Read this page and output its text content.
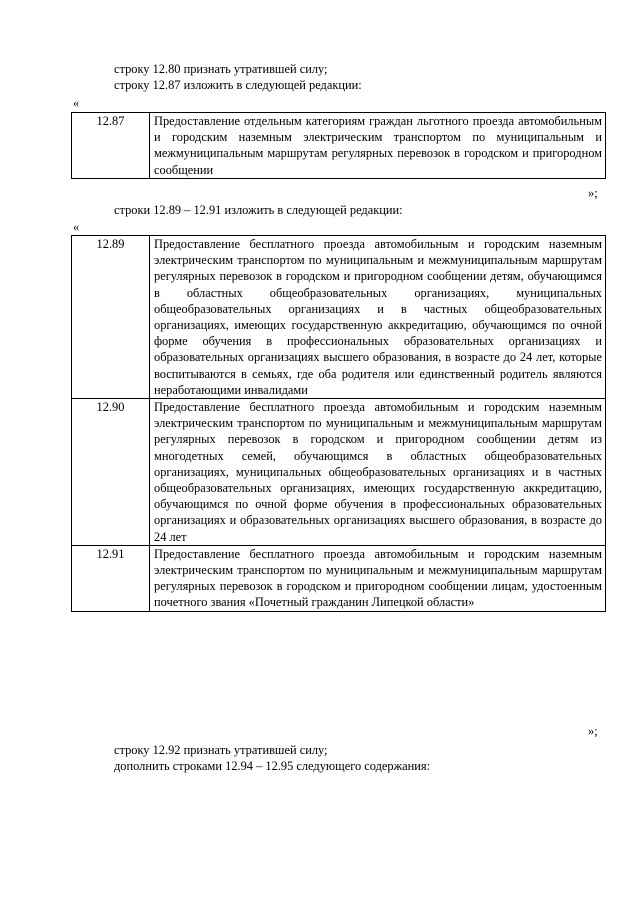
строку 12.80 признать утратившей силу;
строку 12.87 изложить в следующей редакции:
«
12.87	Предоставление отдельным категориям граждан льготного проезда автомобильным и городским наземным электрическим транспортом по муниципальным и межмуниципальным маршрутам регулярных перевозок в городском и пригородном сообщении
»;
строки 12.89 – 12.91 изложить в следующей редакции:
«
12.89	Предоставление бесплатного проезда автомобильным и городским наземным электрическим транспортом по муниципальным и межмуниципальным маршрутам регулярных перевозок в городском и пригородном сообщении детям, обучающимся в областных общеобразовательных организациях, муниципальных общеобразовательных организациях и в частных общеобразовательных организациях, имеющих государственную аккредитацию, обучающимся по очной форме обучения в профессиональных образовательных организациях и образовательных организациях высшего образования, в возрасте до 24 лет, которые воспитываются в семьях, где оба родителя или единственный родитель являются неработающими инвалидами
12.90	Предоставление бесплатного проезда автомобильным и городским наземным электрическим транспортом по муниципальным и межмуниципальным маршрутам регулярных перевозок в городском и пригородном сообщении детям из многодетных семей, обучающимся в областных общеобразовательных организациях, муниципальных общеобразовательных организациях и в частных общеобразовательных организациях, имеющих государственную аккредитацию, обучающимся по очной форме обучения в профессиональных образовательных организациях и образовательных организациях высшего образования, в возрасте до 24 лет
12.91	Предоставление бесплатного проезда автомобильным и городским наземным электрическим транспортом по муниципальным и межмуниципальным маршрутам регулярных перевозок в городском и пригородном сообщении лицам, удостоенным почетного звания «Почетный гражданин Липецкой области»
»;
строку 12.92 признать утратившей силу;
дополнить строками 12.94 – 12.95 следующего содержания:
